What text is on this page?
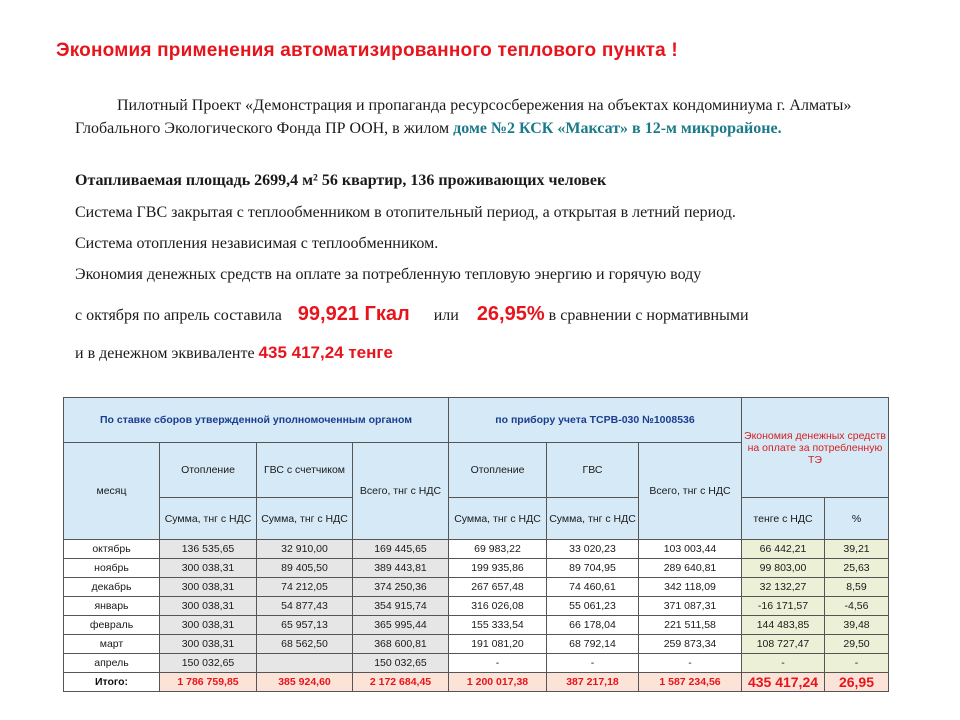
Экономия применения автоматизированного теплового пункта !
Пилотный Проект «Демонстрация и пропаганда ресурсосбережения на объектах кондоминиума г. Алматы» Глобального Экологического Фонда ПР ООН, в жилом доме №2 КСК «Максат» в 12-м микрорайоне.
Отапливаемая площадь 2699,4 м² 56 квартир, 136 проживающих человек
Система ГВС закрытая с теплообменником в отопительный период, а открытая в летний период.
Система отопления независимая с теплообменником.
Экономия денежных средств на оплате за потребленную тепловую энергию и горячую воду
с октября по апрель составила 99,921 Гкал или 26,95% в сравнении с нормативными
и в денежном эквиваленте 435 417,24 тенге
По ставке сборов утвержденной уполномоченным органом				по прибору учета ТСРВ-030 №1008536			Экономия денежных средств на оплате за потребленную ТЭ	
месяц	Отопление	ГВС с счетчиком	Всего, тнг с НДС	Отопление	ГВС	Всего, тнг с НДС		
	Сумма, тнг с НДС	Сумма, тнг с НДС		Сумма, тнг с НДС	Сумма, тнг с НДС		тенге с НДС	%
октябрь	136 535,65	32 910,00	169 445,65	69 983,22	33 020,23	103 003,44	66 442,21	39,21
ноябрь	300 038,31	89 405,50	389 443,81	199 935,86	89 704,95	289 640,81	99 803,00	25,63
декабрь	300 038,31	74 212,05	374 250,36	267 657,48	74 460,61	342 118,09	32 132,27	8,59
январь	300 038,31	54 877,43	354 915,74	316 026,08	55 061,23	371 087,31	-16 171,57	-4,56
февраль	300 038,31	65 957,13	365 995,44	155 333,54	66 178,04	221 511,58	144 483,85	39,48
март	300 038,31	68 562,50	368 600,81	191 081,20	68 792,14	259 873,34	108 727,47	29,50
апрель	150 032,65		150 032,65	-	-	-	-	-
Итого:	1 786 759,85	385 924,60	2 172 684,45	1 200 017,38	387 217,18	1 587 234,56	435 417,24	26,95
